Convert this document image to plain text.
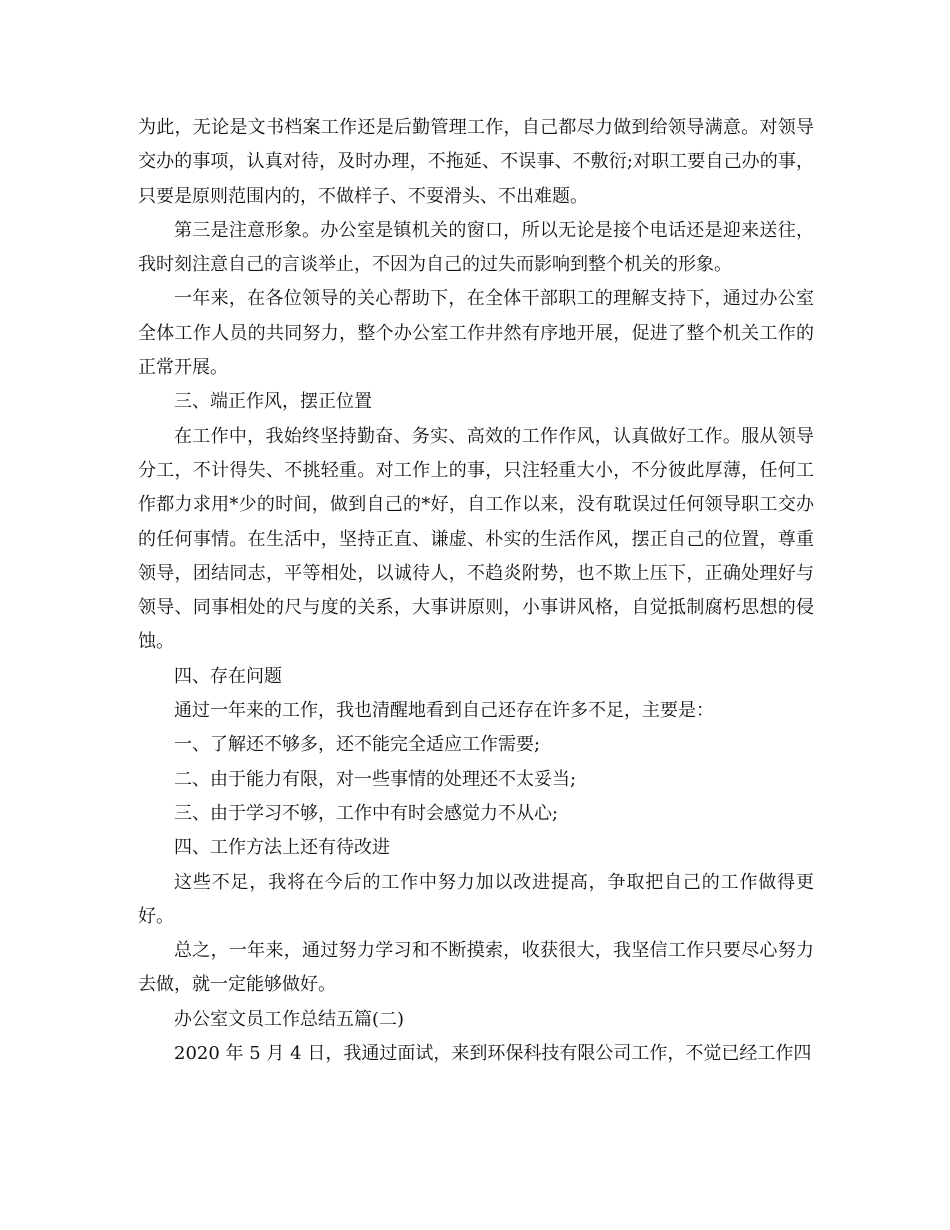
为此，无论是文书档案工作还是后勤管理工作，自己都尽力做到给领导满意。对领导交办的事项，认真对待，及时办理，不拖延、不误事、不敷衍;对职工要自己办的事，只要是原则范围内的，不做样子、不耍滑头、不出难题。

第三是注意形象。办公室是镇机关的窗口，所以无论是接个电话还是迎来送往，我时刻注意自己的言谈举止，不因为自己的过失而影响到整个机关的形象。

一年来，在各位领导的关心帮助下，在全体干部职工的理解支持下，通过办公室全体工作人员的共同努力，整个办公室工作井然有序地开展，促进了整个机关工作的正常开展。

三、端正作风，摆正位置

在工作中，我始终坚持勤奋、务实、高效的工作作风，认真做好工作。服从领导分工，不计得失、不挑轻重。对工作上的事，只注轻重大小，不分彼此厚薄，任何工作都力求用*少的时间，做到自己的*好，自工作以来，没有耽误过任何领导职工交办的任何事情。在生活中，坚持正直、谦虚、朴实的生活作风，摆正自己的位置，尊重领导，团结同志，平等相处，以诚待人，不趋炎附势，也不欺上压下，正确处理好与领导、同事相处的尺与度的关系，大事讲原则，小事讲风格，自觉抵制腐朽思想的侵蚀。

四、存在问题

通过一年来的工作，我也清醒地看到自己还存在许多不足，主要是：

一、了解还不够多，还不能完全适应工作需要;

二、由于能力有限，对一些事情的处理还不太妥当;

三、由于学习不够，工作中有时会感觉力不从心;

四、工作方法上还有待改进

这些不足，我将在今后的工作中努力加以改进提高，争取把自己的工作做得更好。

总之，一年来，通过努力学习和不断摸索，收获很大，我坚信工作只要尽心努力去做，就一定能够做好。

办公室文员工作总结五篇(二)

2020 年 5 月 4 日，我通过面试，来到环保科技有限公司工作，不觉已经工作四
